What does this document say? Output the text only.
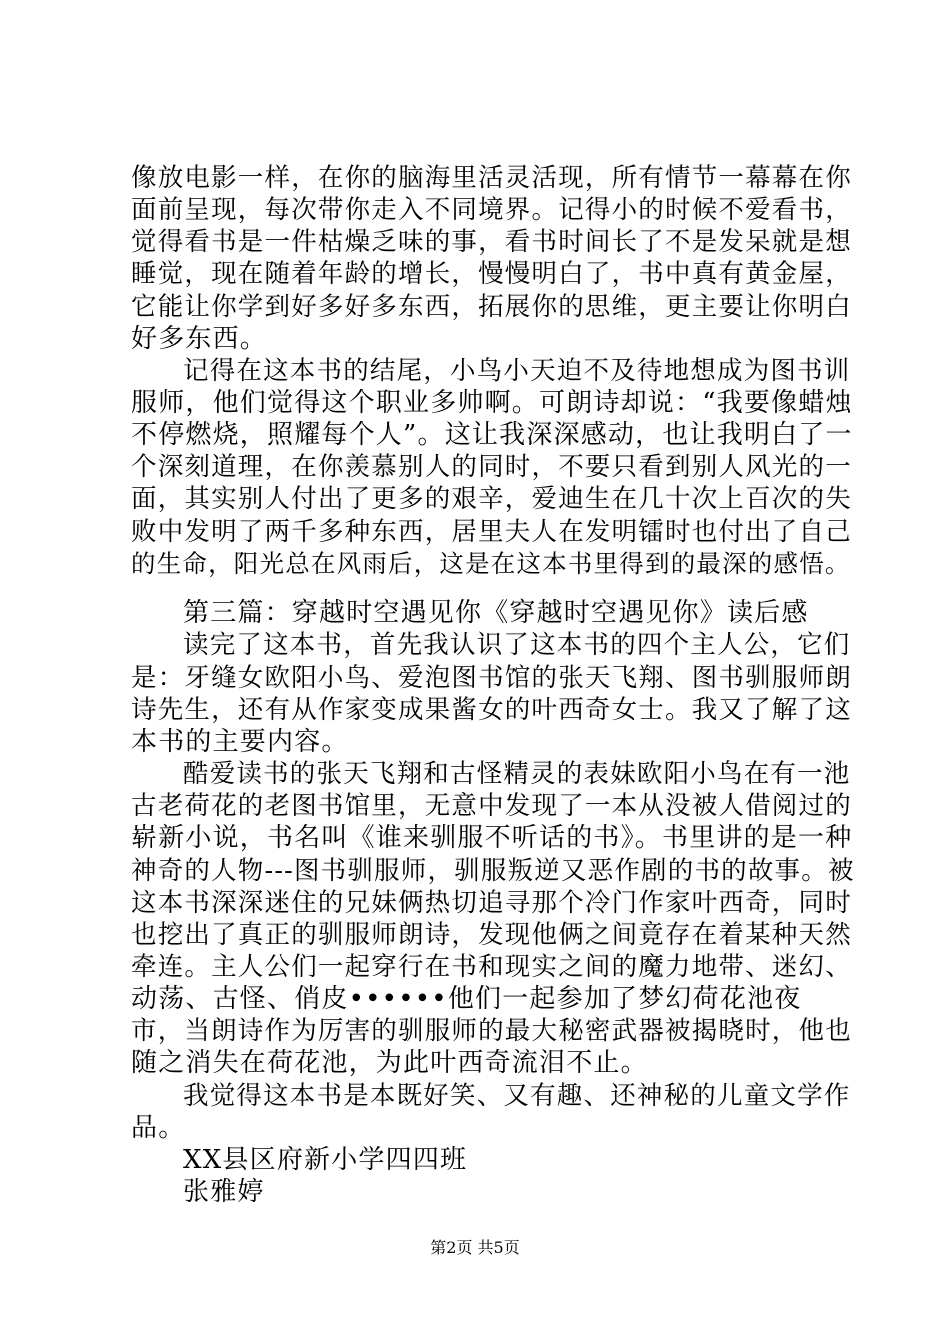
像放电影一样，在你的脑海里活灵活现，所有情节一幕幕在你
面前呈现，每次带你走入不同境界。记得小的时候不爱看书，
觉得看书是一件枯燥乏味的事，看书时间长了不是发呆就是想
睡觉，现在随着年龄的增长，慢慢明白了，书中真有黄金屋，
它能让你学到好多好多东西，拓展你的思维，更主要让你明白
好多东西。
记得在这本书的结尾，小鸟小天迫不及待地想成为图书训
服师，他们觉得这个职业多帅啊。可朗诗却说：“我要像蜡烛
不停燃烧，照耀每个人”。这让我深深感动，也让我明白了一
个深刻道理，在你羡慕别人的同时，不要只看到别人风光的一
面，其实别人付出了更多的艰辛，爱迪生在几十次上百次的失
败中发明了两千多种东西，居里夫人在发明镭时也付出了自己
的生命，阳光总在风雨后，这是在这本书里得到的最深的感悟。
第三篇：穿越时空遇见你《穿越时空遇见你》读后感
读完了这本书，首先我认识了这本书的四个主人公，它们
是：牙缝女欧阳小鸟、爱泡图书馆的张天飞翔、图书驯服师朗
诗先生，还有从作家变成果酱女的叶西奇女士。我又了解了这
本书的主要内容。
酷爱读书的张天飞翔和古怪精灵的表妹欧阳小鸟在有一池
古老荷花的老图书馆里，无意中发现了一本从没被人借阅过的
崭新小说，书名叫《谁来驯服不听话的书》。书里讲的是一种
神奇的人物---图书驯服师，驯服叛逆又恶作剧的书的故事。被
这本书深深迷住的兄妹俩热切追寻那个冷门作家叶西奇，同时
也挖出了真正的驯服师朗诗，发现他俩之间竟存在着某种天然
牵连。主人公们一起穿行在书和现实之间的魔力地带、迷幻、
动荡、古怪、俏皮••••••他们一起参加了梦幻荷花池夜
市，当朗诗作为厉害的驯服师的最大秘密武器被揭晓时，他也
随之消失在荷花池，为此叶西奇流泪不止。
我觉得这本书是本既好笑、又有趣、还神秘的儿童文学作
品。
XX县区府新小学四四班
张雅婷
第2页 共5页
